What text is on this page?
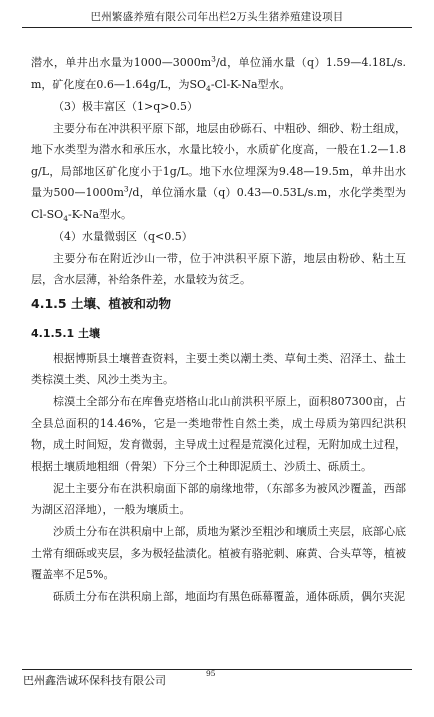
巴州繁盛养殖有限公司年出栏2万头生猪养殖建设项目

潜水，单井出水量为$1000—3000m^3/d$，单位涌水量（q）1.59—4.18L/s.m，矿化度在0.6—1.64g/L，为$SO_4-Cl-K-Na$型水。

（3）极丰富区（1>q>0.5）

主要分布在冲洪积平原下部，地层由砂砾石、中粗砂、细砂、粉土组成，地下水类型为潜水和承压水，水量比较小，水质矿化度高，一般在1.2—1.8g/L，局部地区矿化度小于1g/L。地下水位埋深为9.48—19.5m，单井出水量为$500—1000m^3/d$，单位涌水量（q）0.43—0.53L/s.m，水化学类型为$Cl-SO_4-K-Na$型水。

（4）水量微弱区（q<0.5）

主要分布在附近沙山一带，位于冲洪积平原下游，地层由粉砂、粘土互层，含水层薄，补给条件差，水量较为贫乏。

4.1.5 土壤、植被和动物
4.1.5.1 土壤

根据博斯县土壤普查资料，主要土类以潮土类、草甸土类、沼泽土、盐土类棕漠土类、风沙土类为主。

棕漠土全部分布在库鲁克塔格山北山前洪积平原上，面积807300亩，占全县总面积的14.46%，它是一类地带性自然土类，成土母质为第四纪洪积物，成土时间短，发育微弱，主导成土过程是荒漠化过程，无附加成土过程，根据土壤质地粗细（骨架）下分三个土种即泥质土、沙质土、砾质土。

泥土主要分布在洪积扇面下部的扇缘地带，（东部多为被风沙覆盖，西部为湖区沼泽地），一般为壤质土。

沙质土分布在洪积扇中上部，质地为紧沙至粗沙和壤质土夹层，底部心底土常有细砾或夹层，多为极轻盐渍化。植被有骆驼刺、麻黄、合头草等，植被覆盖率不足5%。

砾质土分布在洪积扇上部，地面均有黑色砾幕覆盖，通体砾质，偶尔夹泥

巴州鑫浩诚环保科技有限公司
95
